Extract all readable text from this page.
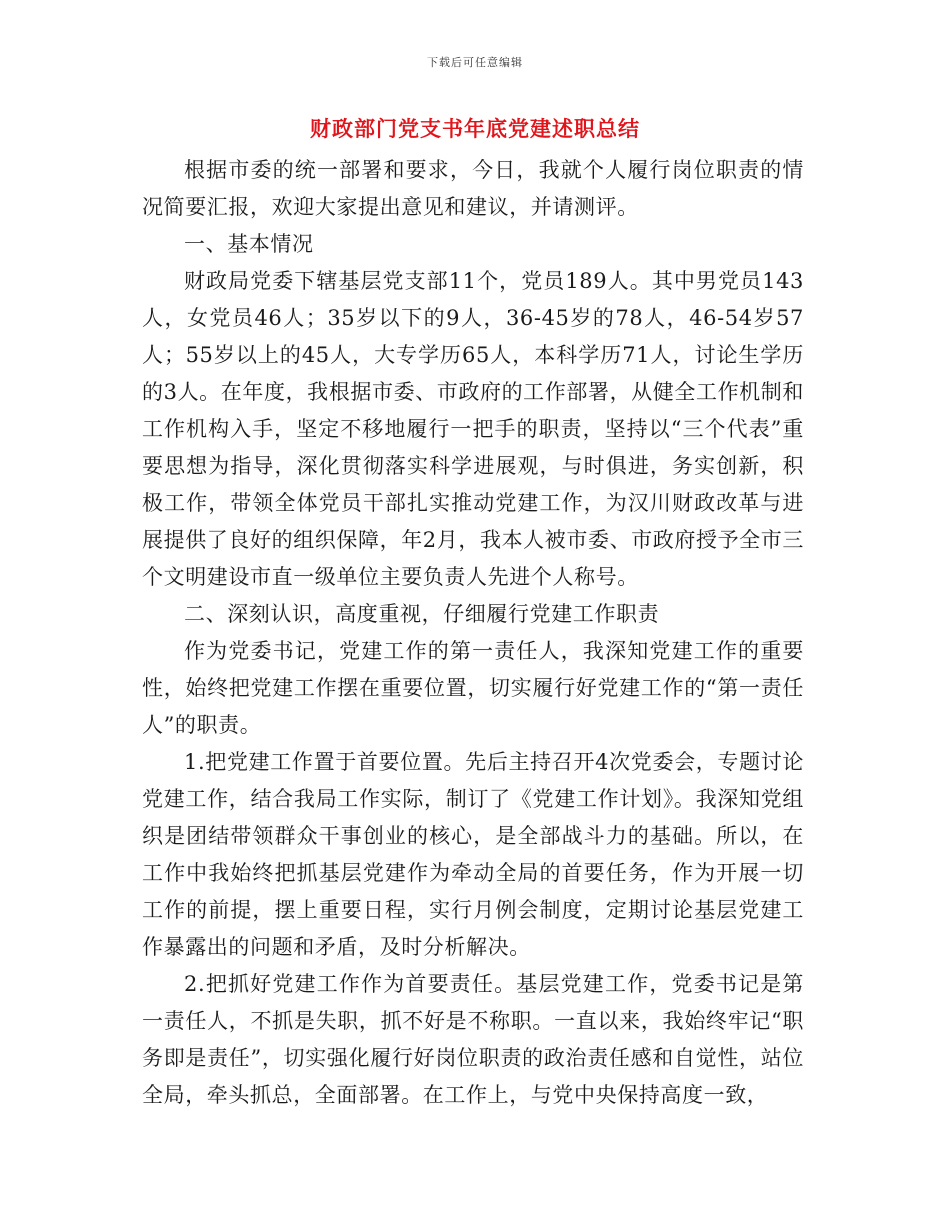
下载后可任意编辑
财政部门党支书年底党建述职总结

根据市委的统一部署和要求，今日，我就个人履行岗位职责的情况简要汇报，欢迎大家提出意见和建议，并请测评。

一、基本情况

财政局党委下辖基层党支部11个，党员189人。其中男党员143人，女党员46人；35岁以下的9人，36-45岁的78人，46-54岁57人；55岁以上的45人，大专学历65人，本科学历71人，讨论生学历的3人。在年度，我根据市委、市政府的工作部署，从健全工作机制和工作机构入手，坚定不移地履行一把手的职责，坚持以“三个代表”重要思想为指导，深化贯彻落实科学进展观，与时俱进，务实创新，积极工作，带领全体党员干部扎实推动党建工作，为汉川财政改革与进展提供了良好的组织保障，年2月，我本人被市委、市政府授予全市三个文明建设市直一级单位主要负责人先进个人称号。

二、深刻认识，高度重视，仔细履行党建工作职责

作为党委书记，党建工作的第一责任人，我深知党建工作的重要性，始终把党建工作摆在重要位置，切实履行好党建工作的“第一责任人”的职责。

1.把党建工作置于首要位置。先后主持召开4次党委会，专题讨论党建工作，结合我局工作实际，制订了《党建工作计划》。我深知党组织是团结带领群众干事创业的核心，是全部战斗力的基础。所以，在工作中我始终把抓基层党建作为牵动全局的首要任务，作为开展一切工作的前提，摆上重要日程，实行月例会制度，定期讨论基层党建工作暴露出的问题和矛盾，及时分析解决。

2.把抓好党建工作作为首要责任。基层党建工作，党委书记是第一责任人，不抓是失职，抓不好是不称职。一直以来，我始终牢记“职务即是责任”，切实强化履行好岗位职责的政治责任感和自觉性，站位全局，牵头抓总，全面部署。在工作上，与党中央保持高度一致，
